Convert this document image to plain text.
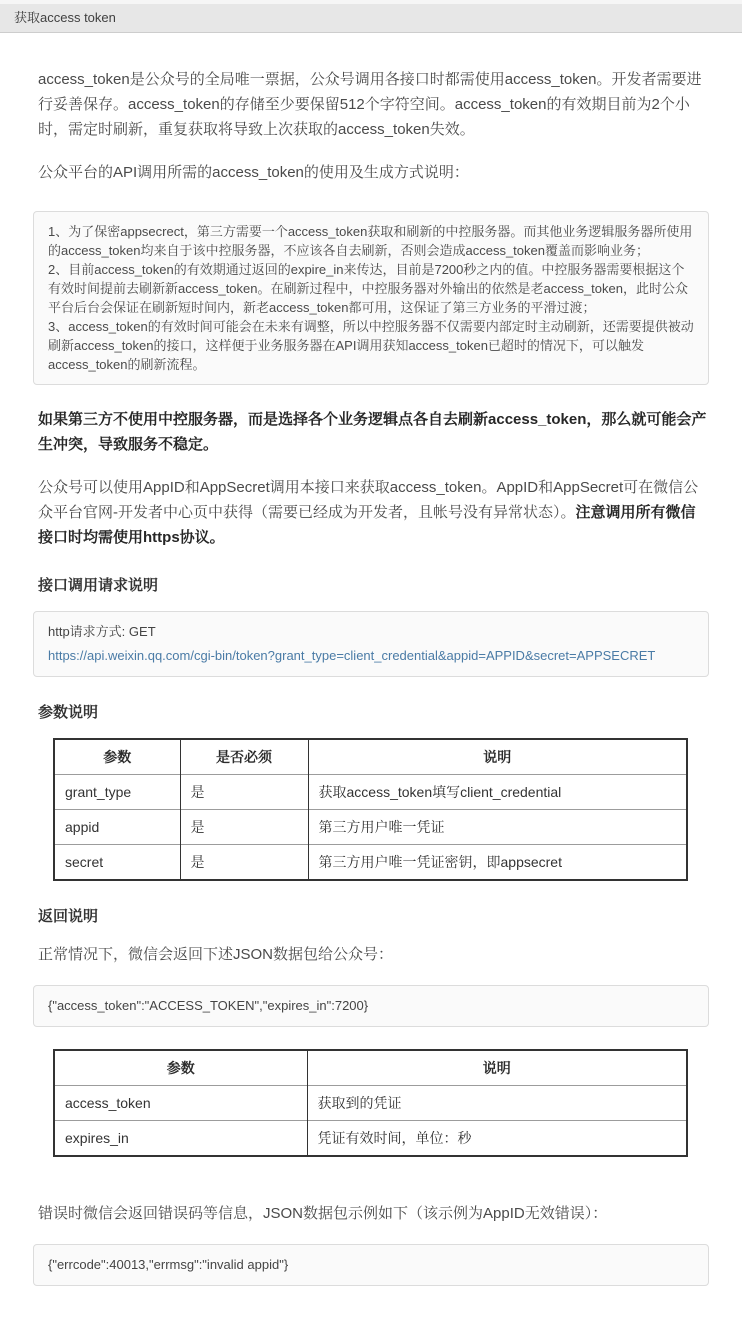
获取access token

access_token是公众号的全局唯一票据，公众号调用各接口时都需使用access_token。开发者需要进行妥善保存。access_token的存储至少要保留512个字符空间。access_token的有效期目前为2个小时，需定时刷新，重复获取将导致上次获取的access_token失效。

公众平台的API调用所需的access_token的使用及生成方式说明：

1、为了保密appsecrect，第三方需要一个access_token获取和刷新的中控服务器。而其他业务逻辑服务器所使用的access_token均来自于该中控服务器，不应该各自去刷新，否则会造成access_token覆盖而影响业务；
2、目前access_token的有效期通过返回的expire_in来传达，目前是7200秒之内的值。中控服务器需要根据这个有效时间提前去刷新新access_token。在刷新过程中，中控服务器对外输出的依然是老access_token，此时公众平台后台会保证在刷新短时间内，新老access_token都可用，这保证了第三方业务的平滑过渡；
3、access_token的有效时间可能会在未来有调整，所以中控服务器不仅需要内部定时主动刷新，还需要提供被动刷新access_token的接口，这样便于业务服务器在API调用获知access_token已超时的情况下，可以触发access_token的刷新流程。

如果第三方不使用中控服务器，而是选择各个业务逻辑点各自去刷新access_token，那么就可能会产生冲突，导致服务不稳定。

公众号可以使用AppID和AppSecret调用本接口来获取access_token。AppID和AppSecret可在微信公众平台官网-开发者中心页中获得（需要已经成为开发者，且帐号没有异常状态）。注意调用所有微信接口时均需使用https协议。

接口调用请求说明
http请求方式: GET
https://api.weixin.qq.com/cgi-bin/token?grant_type=client_credential&appid=APPID&secret=APPSECRET
参数说明
参数	是否必须	说明
grant_type	是	获取access_token填写client_credential
appid	是	第三方用户唯一凭证
secret	是	第三方用户唯一凭证密钥，即appsecret
返回说明

正常情况下，微信会返回下述JSON数据包给公众号：

{"access_token":"ACCESS_TOKEN","expires_in":7200}
参数	说明
access_token	获取到的凭证
expires_in	凭证有效时间，单位：秒

错误时微信会返回错误码等信息，JSON数据包示例如下（该示例为AppID无效错误）：

{"errcode":40013,"errmsg":"invalid appid"}
